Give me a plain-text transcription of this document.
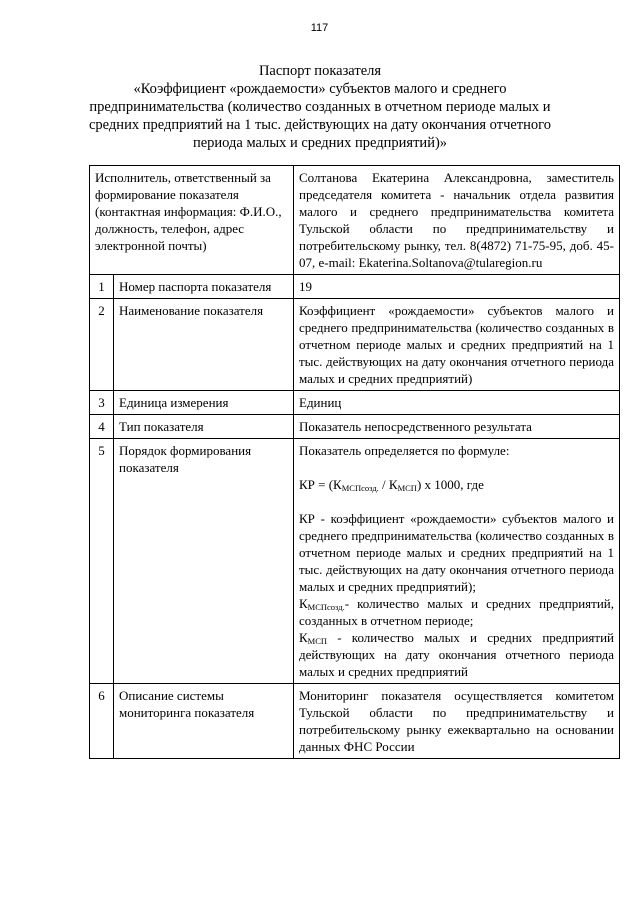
117
Паспорт показателя
«Коэффициент «рождаемости» субъектов малого и среднего
предпринимательства (количество созданных в отчетном периоде малых и
средних предприятий на 1 тыс. действующих на дату окончания отчетного
периода малых и средних предприятий)»
Исполнитель, ответственный за формирование показателя (контактная информация: Ф.И.О., должность, телефон, адрес электронной почты)		Солтанова Екатерина Александровна, заместитель председателя комитета - начальник отдела развития малого и среднего предпринимательства комитета Тульской области по предпринимательству и потребительскому рынку, тел. 8(4872) 71-75-95, доб. 45-07, e-mail: Ekaterina.Soltanova@tularegion.ru
1	Номер паспорта показателя	19
2	Наименование показателя	Коэффициент «рождаемости» субъектов малого и среднего предпринимательства (количество созданных в отчетном периоде малых и средних предприятий на 1 тыс. действующих на дату окончания отчетного периода малых и средних предприятий)
3	Единица измерения	Единиц
4	Тип показателя	Показатель непосредственного результата
5	Порядок формирования показателя	Показатель определяется по формуле:

КР = $(К_{МСПсозд.} / К_{МСП})$ х 1000, где

КР - коэффициент «рождаемости» субъектов малого и среднего предпринимательства (количество созданных в отчетном периоде малых и средних предприятий на 1 тыс. действующих на дату окончания отчетного периода малых и средних предприятий);

$К_{МСПсозд.}-$ количество малых и средних предприятий, созданных в отчетном периоде;

$К_{МСП}$ - количество малых и средних предприятий действующих на дату окончания отчетного периода малых и средних предприятий

6	Описание системы мониторинга показателя	Мониторинг показателя осуществляется комитетом Тульской области по предпринимательству и потребительскому рынку ежеквартально на основании данных ФНС России
